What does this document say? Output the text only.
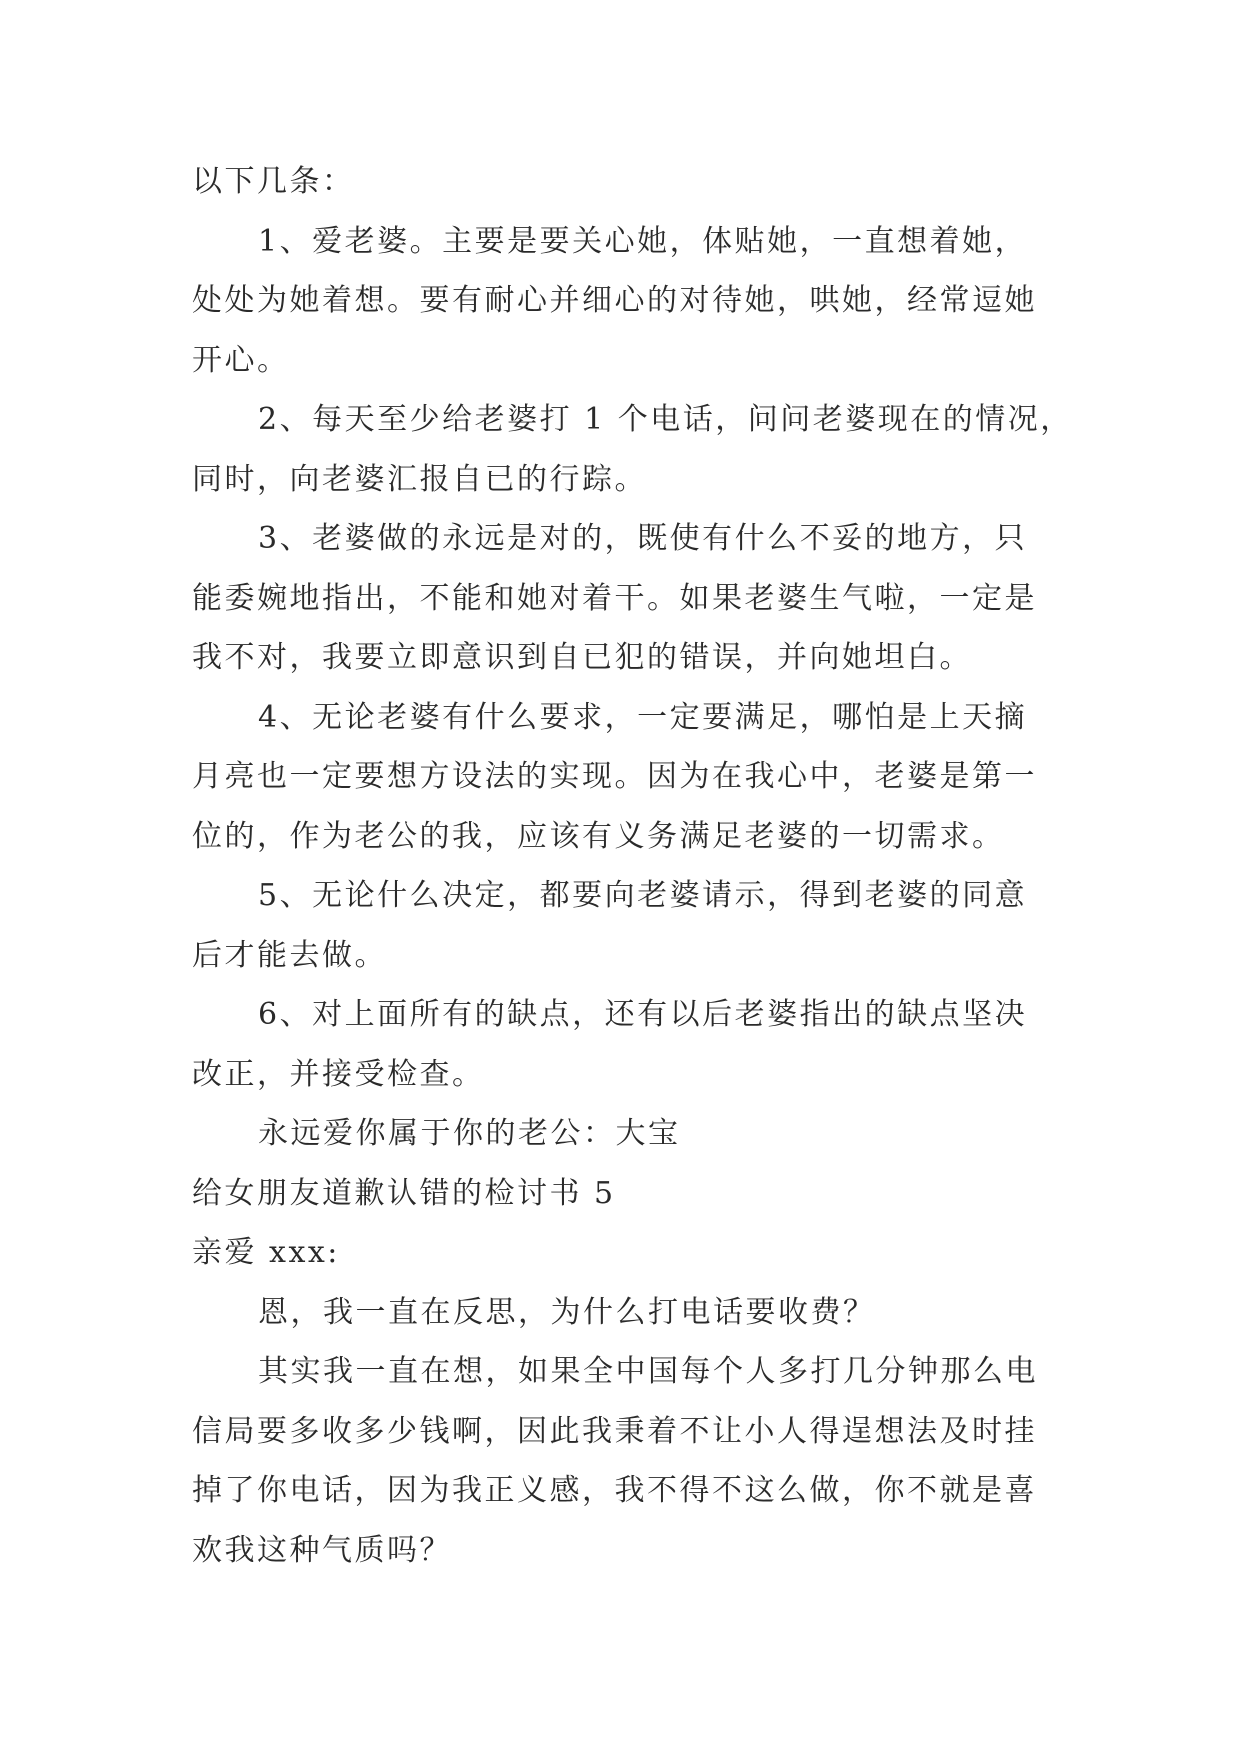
以下几条：
1、爱老婆。主要是要关心她，体贴她，一直想着她，
处处为她着想。要有耐心并细心的对待她，哄她，经常逗她
开心。
2、每天至少给老婆打 1 个电话，问问老婆现在的情况，
同时，向老婆汇报自已的行踪。
3、老婆做的永远是对的，既使有什么不妥的地方，只
能委婉地指出，不能和她对着干。如果老婆生气啦，一定是
我不对，我要立即意识到自已犯的错误，并向她坦白。
4、无论老婆有什么要求，一定要满足，哪怕是上天摘
月亮也一定要想方设法的实现。因为在我心中，老婆是第一
位的，作为老公的我，应该有义务满足老婆的一切需求。
5、无论什么决定，都要向老婆请示，得到老婆的同意
后才能去做。
6、对上面所有的缺点，还有以后老婆指出的缺点坚决
改正，并接受检查。
永远爱你属于你的老公：大宝
给女朋友道歉认错的检讨书 5
亲爱 xxx:
恩，我一直在反思，为什么打电话要收费？
其实我一直在想，如果全中国每个人多打几分钟那么电
信局要多收多少钱啊，因此我秉着不让小人得逞想法及时挂
掉了你电话，因为我正义感，我不得不这么做，你不就是喜
欢我这种气质吗？
